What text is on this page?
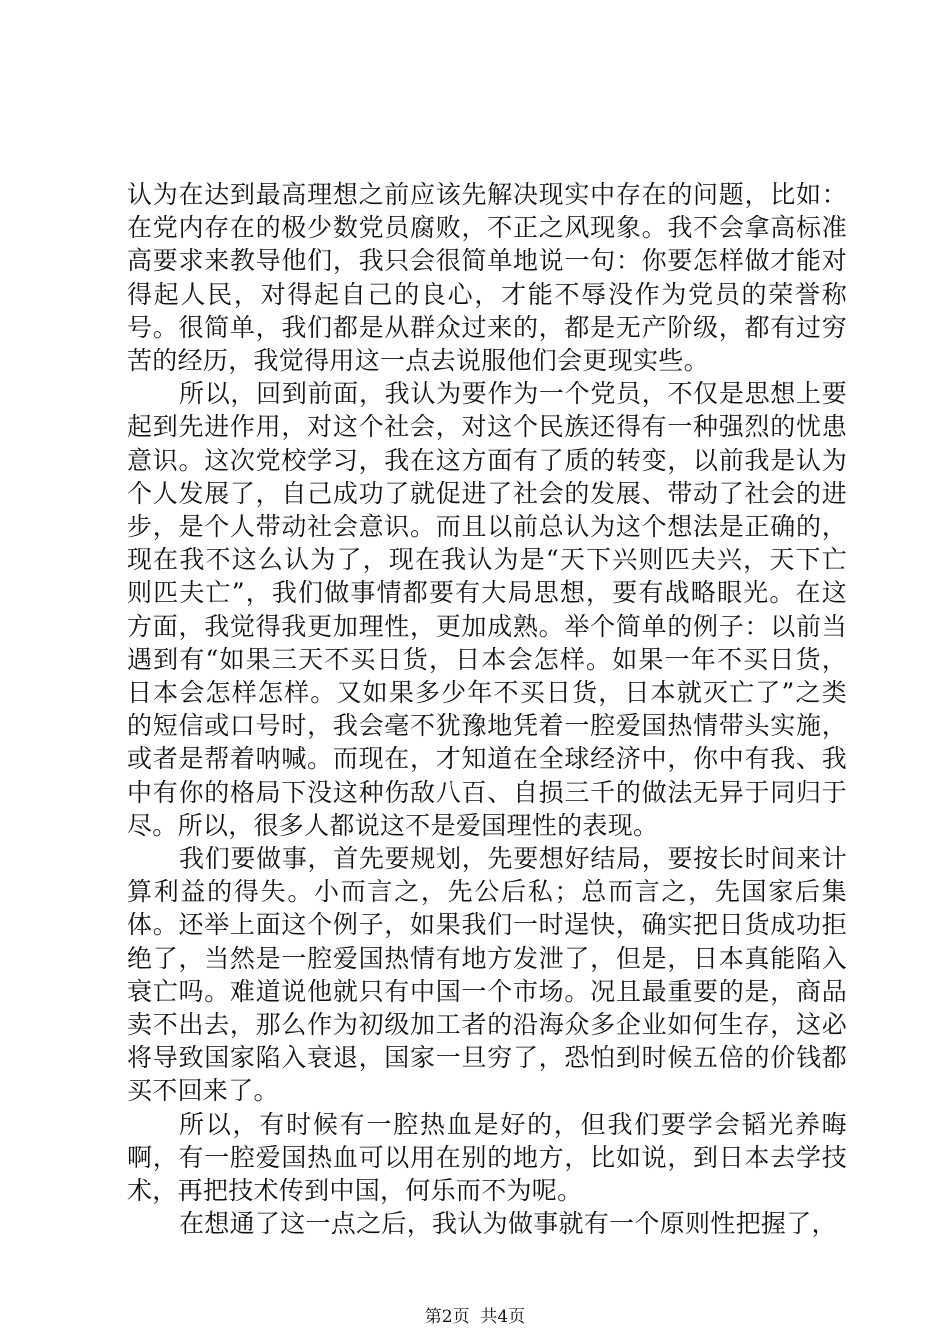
认为在达到最高理想之前应该先解决现实中存在的问题，比如：在党内存在的极少数党员腐败，不正之风现象。我不会拿高标准高要求来教导他们，我只会很简单地说一句：你要怎样做才能对得起人民，对得起自己的良心，才能不辱没作为党员的荣誉称号。很简单，我们都是从群众过来的，都是无产阶级，都有过穷苦的经历，我觉得用这一点去说服他们会更现实些。

所以，回到前面，我认为要作为一个党员，不仅是思想上要起到先进作用，对这个社会，对这个民族还得有一种强烈的忧患意识。这次党校学习，我在这方面有了质的转变，以前我是认为个人发展了，自己成功了就促进了社会的发展、带动了社会的进步，是个人带动社会意识。而且以前总认为这个想法是正确的，现在我不这么认为了，现在我认为是“天下兴则匹夫兴，天下亡则匹夫亡”，我们做事情都要有大局思想，要有战略眼光。在这方面，我觉得我更加理性，更加成熟。举个简单的例子：以前当遇到有“如果三天不买日货，日本会怎样。如果一年不买日货，日本会怎样怎样。又如果多少年不买日货，日本就灭亡了”之类的短信或口号时，我会毫不犹豫地凭着一腔爱国热情带头实施，或者是帮着呐喊。而现在，才知道在全球经济中，你中有我、我中有你的格局下没这种伤敌八百、自损三千的做法无异于同归于尽。所以，很多人都说这不是爱国理性的表现。

我们要做事，首先要规划，先要想好结局，要按长时间来计算利益的得失。小而言之，先公后私；总而言之，先国家后集体。还举上面这个例子，如果我们一时逞快，确实把日货成功拒绝了，当然是一腔爱国热情有地方发泄了，但是，日本真能陷入衰亡吗。难道说他就只有中国一个市场。况且最重要的是，商品卖不出去，那么作为初级加工者的沿海众多企业如何生存，这必将导致国家陷入衰退，国家一旦穷了，恐怕到时候五倍的价钱都买不回来了。

所以，有时候有一腔热血是好的，但我们要学会韬光养晦啊，有一腔爱国热血可以用在别的地方，比如说，到日本去学技术，再把技术传到中国，何乐而不为呢。

在想通了这一点之后，我认为做事就有一个原则性把握了，

第2页  共4页
